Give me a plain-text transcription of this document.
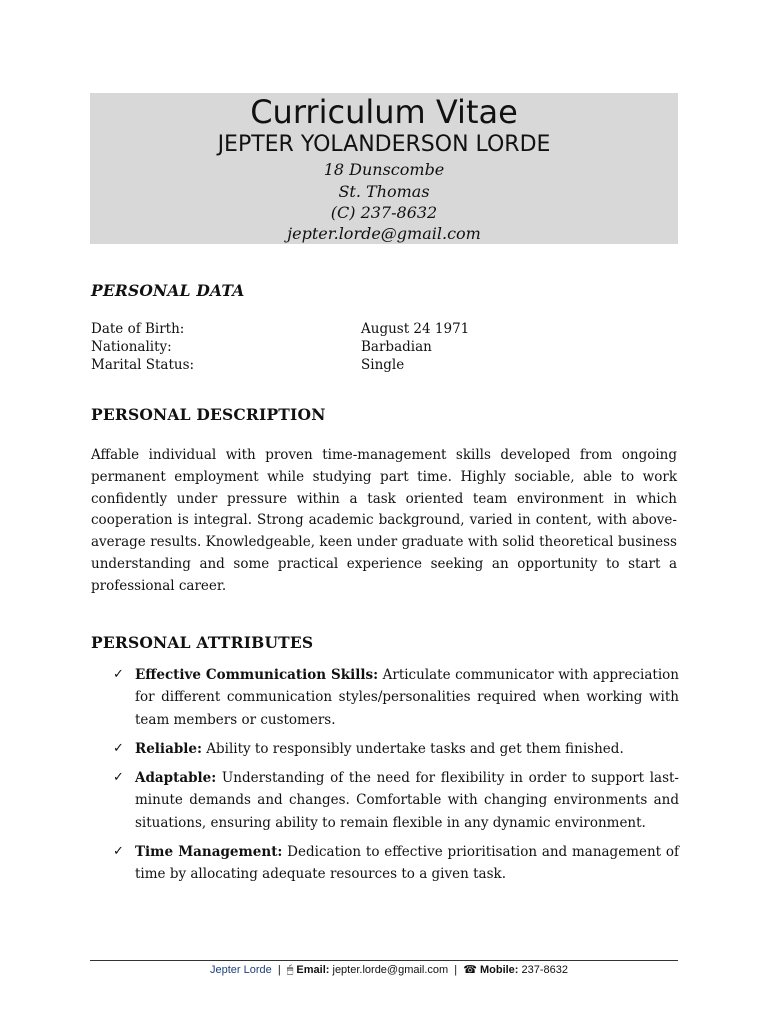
Curriculum Vitae
JEPTER YOLANDERSON LORDE
18 Dunscombe
St. Thomas
(C) 237-8632
jepter.lorde@gmail.com
PERSONAL DATA
Date of Birth:	August 24 1971
Nationality:	Barbadian
Marital Status:	Single
PERSONAL DESCRIPTION
Affable individual with proven time-management skills developed from ongoing permanent employment while studying part time. Highly sociable, able to work confidently under pressure within a task oriented team environment in which cooperation is integral. Strong academic background, varied in content, with above-average results. Knowledgeable, keen under graduate with solid theoretical business understanding and some practical experience seeking an opportunity to start a professional career.
PERSONAL ATTRIBUTES
✓ Effective Communication Skills: Articulate communicator with appreciation for different communication styles/personalities required when working with team members or customers.
✓ Reliable: Ability to responsibly undertake tasks and get them finished.
✓ Adaptable: Understanding of the need for flexibility in order to support last-minute demands and changes. Comfortable with changing environments and situations, ensuring ability to remain flexible in any dynamic environment.
✓ Time Management: Dedication to effective prioritisation and management of time by allocating adequate resources to a given task.
Jepter Lorde | 🖱 Email: jepter.lorde@gmail.com | ☎ Mobile: 237-8632
